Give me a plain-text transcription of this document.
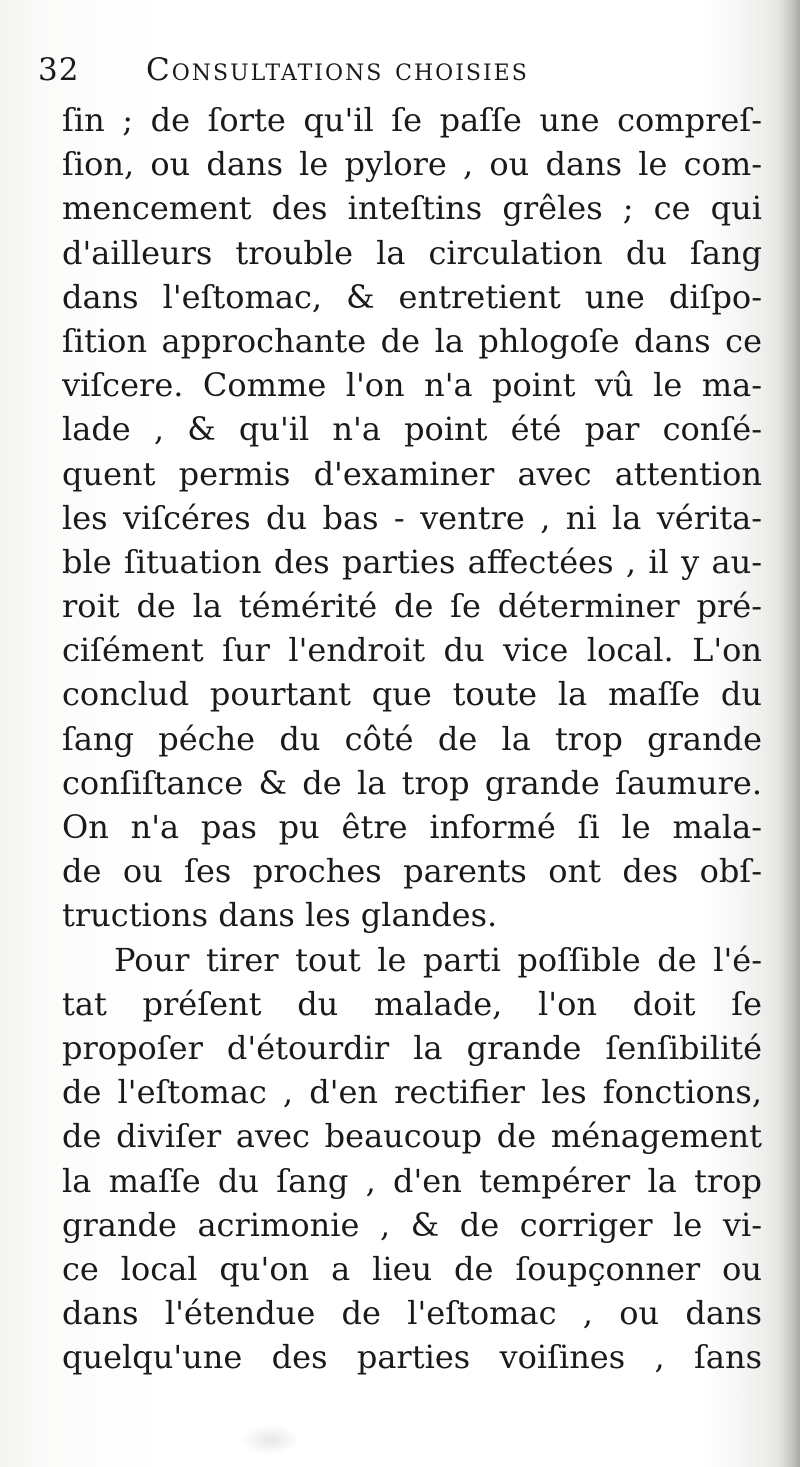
32 Consultations choisies
ſin ; de ſorte qu'il ſe paſſe une compreſ-
ſion, ou dans le pylore , ou dans le com-
mencement des inteſtins grêles ; ce qui
d'ailleurs trouble la circulation du ſang
dans l'eſtomac, & entretient une diſpo-
ſition approchante de la phlogoſe dans ce
viſcere. Comme l'on n'a point vû le ma-
lade , & qu'il n'a point été par conſé-
quent permis d'examiner avec attention
les viſcéres du bas - ventre , ni la vérita-
ble ſituation des parties affectées , il y au-
roit de la témérité de ſe déterminer pré-
ciſément ſur l'endroit du vice local. L'on
conclud pourtant que toute la maſſe du
ſang péche du côté de la trop grande
conſiſtance & de la trop grande ſaumure.
On n'a pas pu être informé ſi le mala-
de ou ſes proches parents ont des obſ-
tructions dans les glandes.
Pour tirer tout le parti poſſible de l'é-
tat préſent du malade, l'on doit ſe
propoſer d'étourdir la grande ſenſibilité
de l'eſtomac , d'en rectifier les fonctions,
de diviſer avec beaucoup de ménagement
la maſſe du ſang , d'en tempérer la trop
grande acrimonie , & de corriger le vi-
ce local qu'on a lieu de ſoupçonner ou
dans l'étendue de l'eſtomac , ou dans
quelqu'une des parties voiſines , ſans
